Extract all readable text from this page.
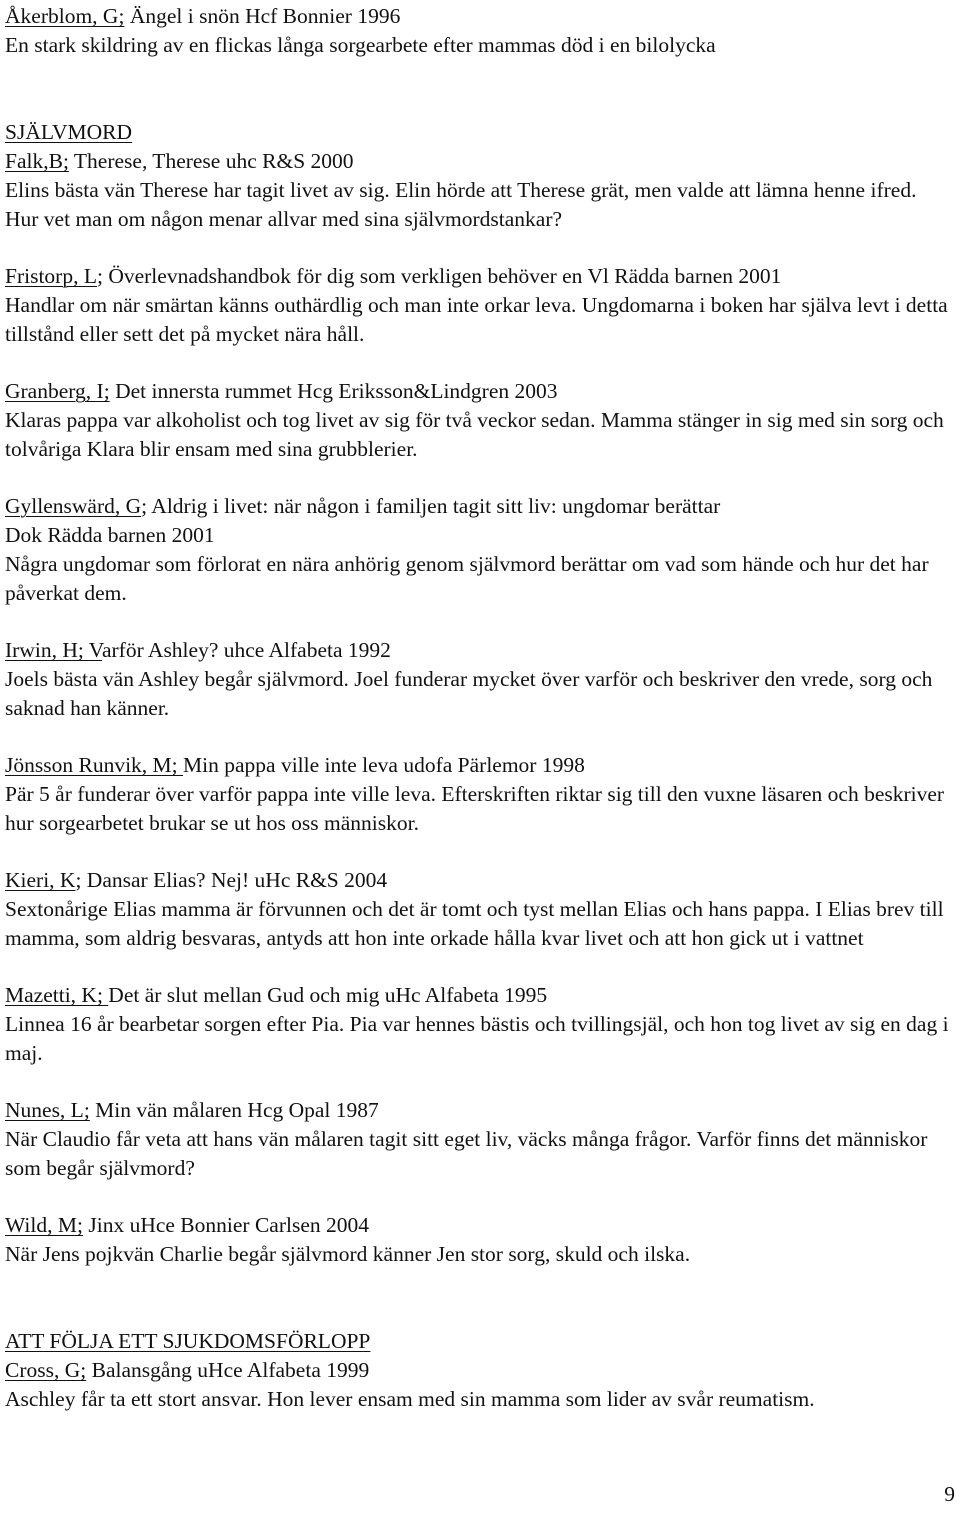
Åkerblom, G; Ängel i snön Hcf Bonnier 1996

En stark skildring av en flickas långa sorgearbete efter mammas död i en bilolycka

SJÄLVMORD

Falk,B; Therese, Therese uhc R&S 2000

Elins bästa vän Therese har tagit livet av sig. Elin hörde att Therese grät, men valde att lämna henne ifred. Hur vet man om någon menar allvar med sina självmordstankar?

Fristorp, L; Överlevnadshandbok för dig som verkligen behöver en Vl Rädda barnen 2001

Handlar om när smärtan känns outhärdlig och man inte orkar leva. Ungdomarna i boken har själva levt i detta tillstånd eller sett det på mycket nära håll.

Granberg, I; Det innersta rummet Hcg Eriksson&Lindgren 2003

Klaras pappa var alkoholist och tog livet av sig för två veckor sedan. Mamma stänger in sig med sin sorg och tolvåriga Klara blir ensam med sina grubblerier.

Gyllenswärd, G; Aldrig i livet: när någon i familjen tagit sitt liv: ungdomar berättar

Dok Rädda barnen 2001

Några ungdomar som förlorat en nära anhörig genom självmord berättar om vad som hände och hur det har påverkat dem.

Irwin, H; Varför Ashley? uhce Alfabeta 1992

Joels bästa vän Ashley begår självmord. Joel funderar mycket över varför och beskriver den vrede, sorg och saknad han känner.

Jönsson Runvik, M; Min pappa ville inte leva udofa Pärlemor 1998

Pär 5 år funderar över varför pappa inte ville leva. Efterskriften riktar sig till den vuxne läsaren och beskriver hur sorgearbetet brukar se ut hos oss människor.

Kieri, K; Dansar Elias? Nej! uHc R&S 2004

Sextonårige Elias mamma är förvunnen och det är tomt och tyst mellan Elias och hans pappa. I Elias brev till mamma, som aldrig besvaras, antyds att hon inte orkade hålla kvar livet och att hon gick ut i vattnet

Mazetti, K; Det är slut mellan Gud och mig uHc Alfabeta 1995

Linnea 16 år bearbetar sorgen efter Pia. Pia var hennes bästis och tvillingsjäl, och hon tog livet av sig en dag i maj.

Nunes, L; Min vän målaren Hcg Opal 1987

När Claudio får veta att hans vän målaren tagit sitt eget liv, väcks många frågor. Varför finns det människor som begår självmord?

Wild, M; Jinx uHce Bonnier Carlsen 2004

När Jens pojkvän Charlie begår självmord känner Jen stor sorg, skuld och ilska.

ATT FÖLJA ETT SJUKDOMSFÖRLOPP

Cross, G; Balansgång uHce Alfabeta 1999

Aschley får ta ett stort ansvar. Hon lever ensam med sin mamma som lider av svår reumatism.

9
